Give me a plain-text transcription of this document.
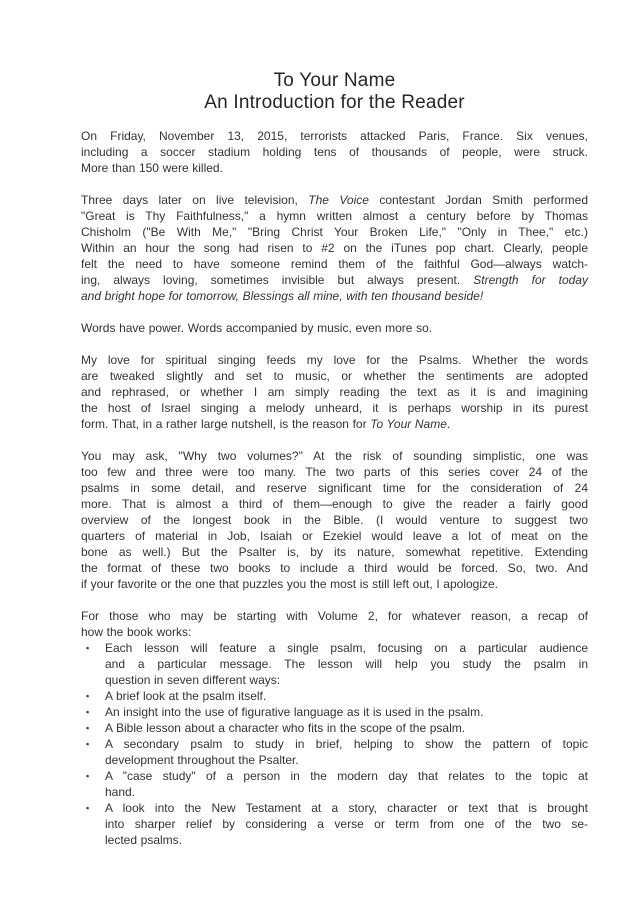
To Your Name
An Introduction for the Reader
On Friday, November 13, 2015, terrorists attacked Paris, France. Six venues,
including a soccer stadium holding tens of thousands of people, were struck.
More than 150 were killed.
Three days later on live television, The Voice contestant Jordan Smith performed
"Great is Thy Faithfulness," a hymn written almost a century before by Thomas
Chisholm ("Be With Me," "Bring Christ Your Broken Life," "Only in Thee," etc.)
Within an hour the song had risen to #2 on the iTunes pop chart. Clearly, people
felt the need to have someone remind them of the faithful God—always watch-
ing, always loving, sometimes invisible but always present. Strength for today
and bright hope for tomorrow, Blessings all mine, with ten thousand beside!
Words have power. Words accompanied by music, even more so.
My love for spiritual singing feeds my love for the Psalms. Whether the words
are tweaked slightly and set to music, or whether the sentiments are adopted
and rephrased, or whether I am simply reading the text as it is and imagining
the host of Israel singing a melody unheard, it is perhaps worship in its purest
form. That, in a rather large nutshell, is the reason for To Your Name.
You may ask, "Why two volumes?" At the risk of sounding simplistic, one was
too few and three were too many. The two parts of this series cover 24 of the
psalms in some detail, and reserve significant time for the consideration of 24
more. That is almost a third of them—enough to give the reader a fairly good
overview of the longest book in the Bible. (I would venture to suggest two
quarters of material in Job, Isaiah or Ezekiel would leave a lot of meat on the
bone as well.) But the Psalter is, by its nature, somewhat repetitive. Extending
the format of these two books to include a third would be forced. So, two. And
if your favorite or the one that puzzles you the most is still left out, I apologize.
For those who may be starting with Volume 2, for whatever reason, a recap of
how the book works:
▪ Each lesson will feature a single psalm, focusing on a particular audience
and a particular message. The lesson will help you study the psalm in
question in seven different ways:
▪ A brief look at the psalm itself.
▪ An insight into the use of figurative language as it is used in the psalm.
▪ A Bible lesson about a character who fits in the scope of the psalm.
▪ A secondary psalm to study in brief, helping to show the pattern of topic
development throughout the Psalter.
▪ A "case study" of a person in the modern day that relates to the topic at
hand.
▪ A look into the New Testament at a story, character or text that is brought
into sharper relief by considering a verse or term from one of the two se-
lected psalms.
